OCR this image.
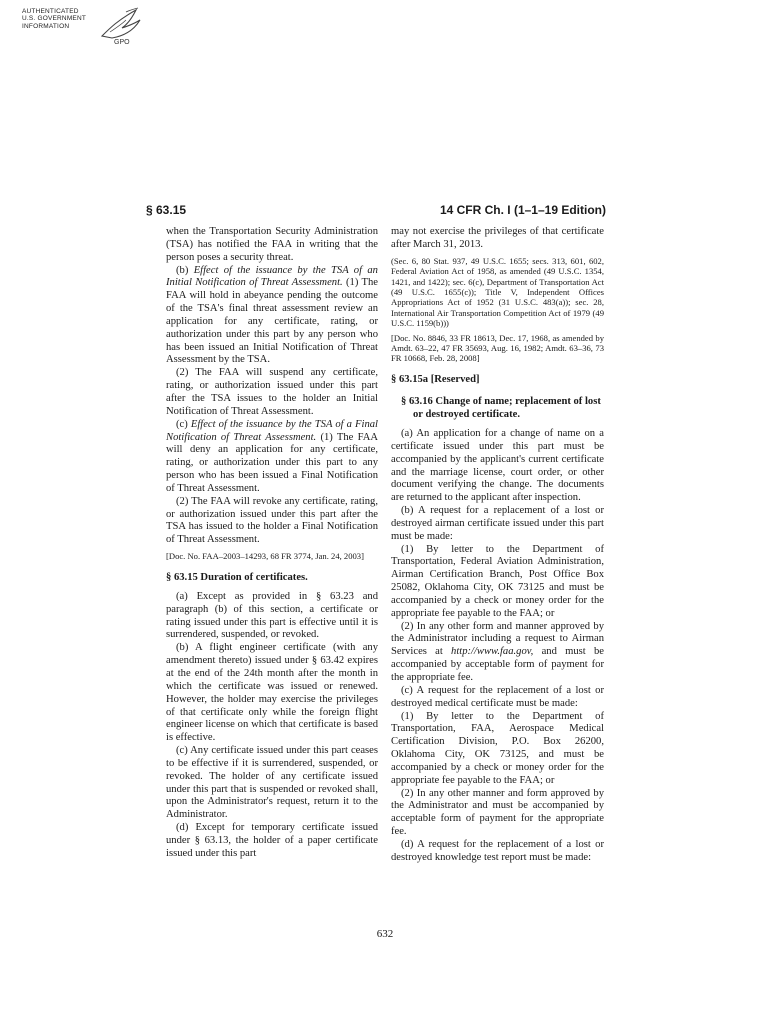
AUTHENTICATED
U.S. GOVERNMENT
INFORMATION
GPO
§ 63.15	14 CFR Ch. I (1–1–19 Edition)

when the Transportation Security Administration (TSA) has notified the FAA in writing that the person poses a security threat.

(b) Effect of the issuance by the TSA of an Initial Notification of Threat Assessment. (1) The FAA will hold in abeyance pending the outcome of the TSA's final threat assessment review an application for any certificate, rating, or authorization under this part by any person who has been issued an Initial Notification of Threat Assessment by the TSA.

(2) The FAA will suspend any certificate, rating, or authorization issued under this part after the TSA issues to the holder an Initial Notification of Threat Assessment.

(c) Effect of the issuance by the TSA of a Final Notification of Threat Assessment. (1) The FAA will deny an application for any certificate, rating, or authorization under this part to any person who has been issued a Final Notification of Threat Assessment.

(2) The FAA will revoke any certificate, rating, or authorization issued under this part after the TSA has issued to the holder a Final Notification of Threat Assessment.

[Doc. No. FAA–2003–14293, 68 FR 3774, Jan. 24, 2003]

§ 63.15 Duration of certificates.

(a) Except as provided in § 63.23 and paragraph (b) of this section, a certificate or rating issued under this part is effective until it is surrendered, suspended, or revoked.

(b) A flight engineer certificate (with any amendment thereto) issued under § 63.42 expires at the end of the 24th month after the month in which the certificate was issued or renewed. However, the holder may exercise the privileges of that certificate only while the foreign flight engineer license on which that certificate is based is effective.

(c) Any certificate issued under this part ceases to be effective if it is surrendered, suspended, or revoked. The holder of any certificate issued under this part that is suspended or revoked shall, upon the Administrator's request, return it to the Administrator.

(d) Except for temporary certificate issued under § 63.13, the holder of a paper certificate issued under this part

may not exercise the privileges of that certificate after March 31, 2013.

(Sec. 6, 80 Stat. 937, 49 U.S.C. 1655; secs. 313, 601, 602, Federal Aviation Act of 1958, as amended (49 U.S.C. 1354, 1421, and 1422); sec. 6(c), Department of Transportation Act (49 U.S.C. 1655(c)); Title V, Independent Offices Appropriations Act of 1952 (31 U.S.C. 483(a)); sec. 28, International Air Transportation Competition Act of 1979 (49 U.S.C. 1159(b)))

[Doc. No. 8846, 33 FR 18613, Dec. 17, 1968, as amended by Amdt. 63–22, 47 FR 35693, Aug. 16, 1982; Amdt. 63–36, 73 FR 10668, Feb. 28, 2008]

§ 63.15a [Reserved]
§ 63.16 Change of name; replacement of lost or destroyed certificate.

(a) An application for a change of name on a certificate issued under this part must be accompanied by the applicant's current certificate and the marriage license, court order, or other document verifying the change. The documents are returned to the applicant after inspection.

(b) A request for a replacement of a lost or destroyed airman certificate issued under this part must be made:

(1) By letter to the Department of Transportation, Federal Aviation Administration, Airman Certification Branch, Post Office Box 25082, Oklahoma City, OK 73125 and must be accompanied by a check or money order for the appropriate fee payable to the FAA; or

(2) In any other form and manner approved by the Administrator including a request to Airman Services at http://www.faa.gov, and must be accompanied by acceptable form of payment for the appropriate fee.

(c) A request for the replacement of a lost or destroyed medical certificate must be made:

(1) By letter to the Department of Transportation, FAA, Aerospace Medical Certification Division, P.O. Box 26200, Oklahoma City, OK 73125, and must be accompanied by a check or money order for the appropriate fee payable to the FAA; or

(2) In any other manner and form approved by the Administrator and must be accompanied by acceptable form of payment for the appropriate fee.

(d) A request for the replacement of a lost or destroyed knowledge test report must be made:

632
